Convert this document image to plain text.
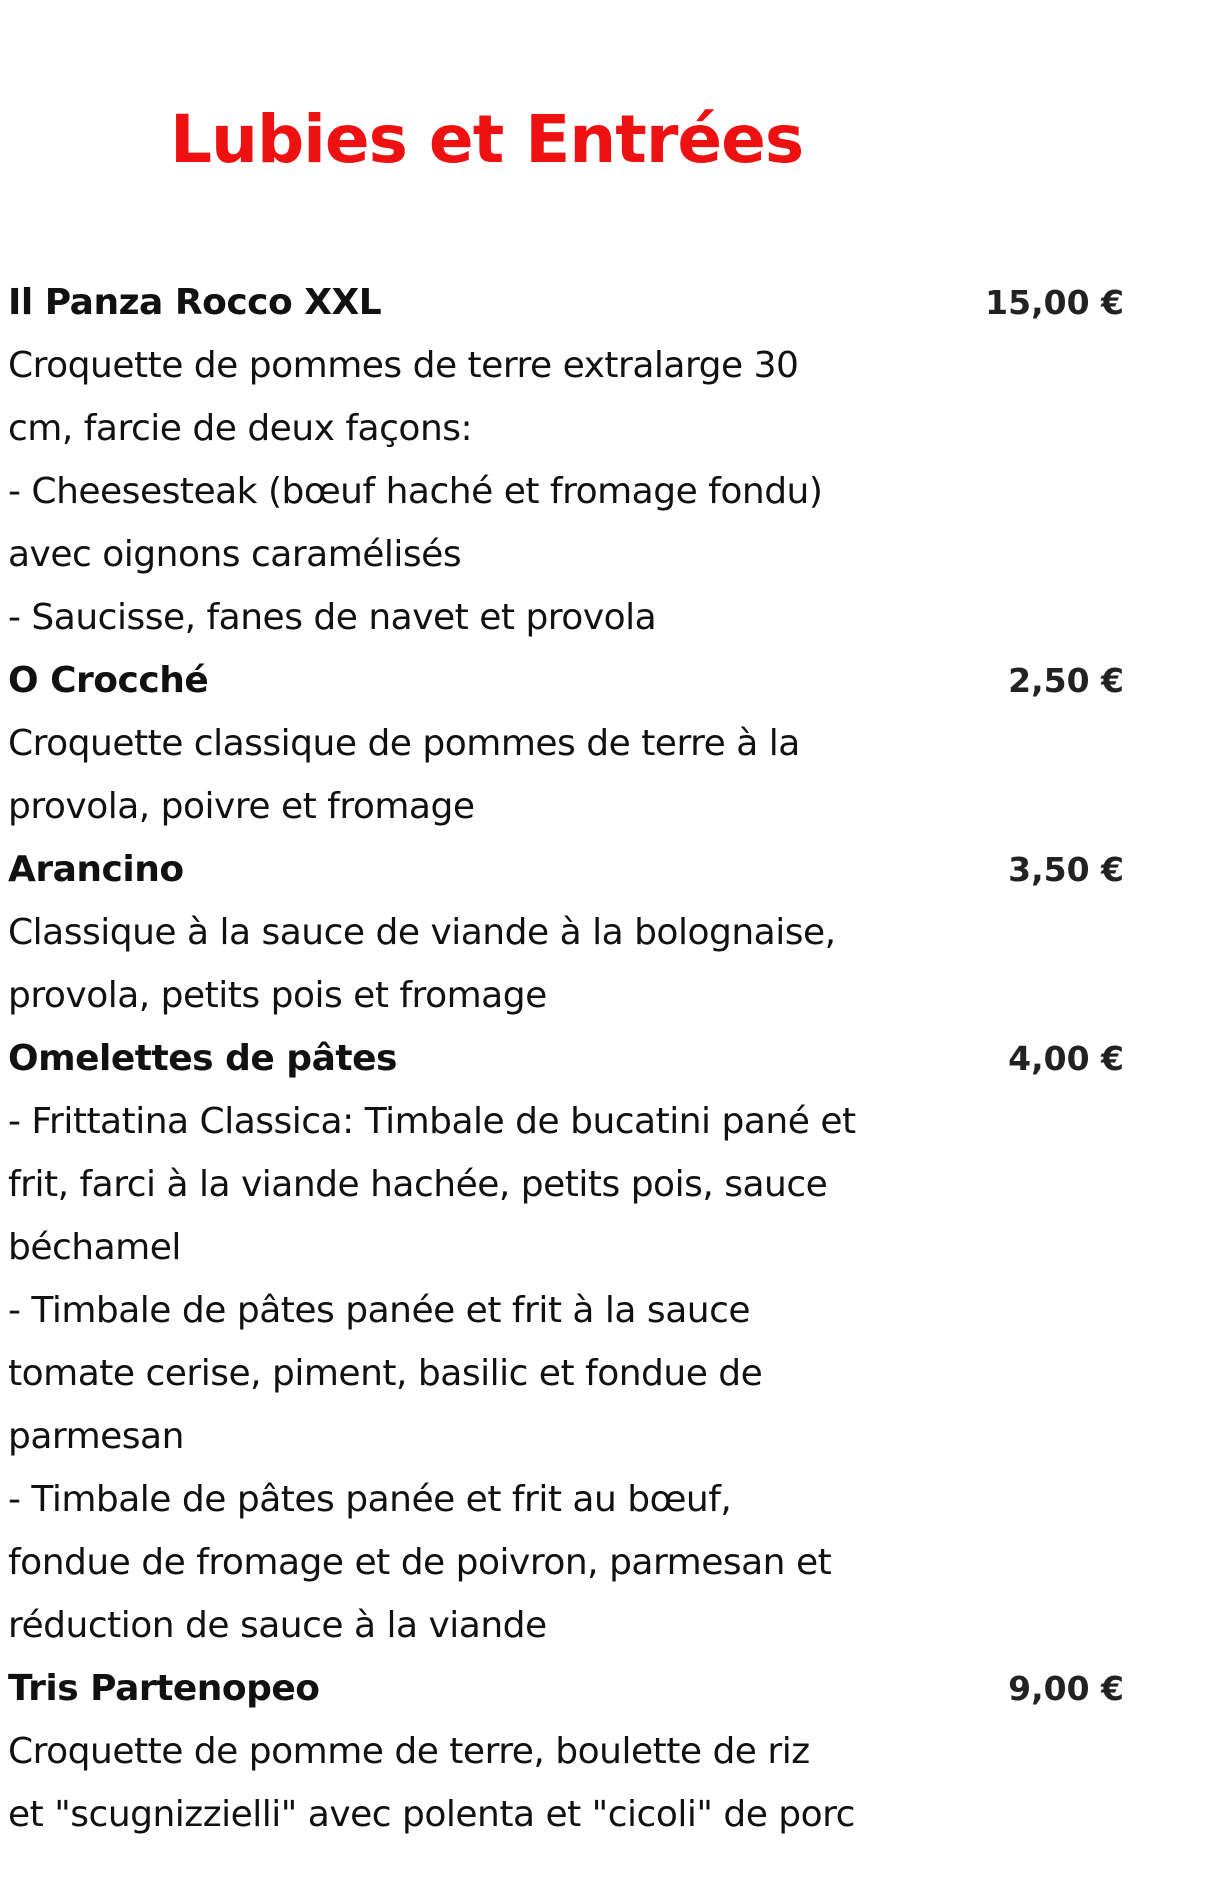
Lubies et Entrées
Il Panza Rocco XXL	15,00 €
Croquette de pommes de terre extralarge 30
cm, farcie de deux façons:
- Cheesesteak (bœuf haché et fromage fondu)
avec oignons caramélisés
- Saucisse, fanes de navet et provola
O Crocché	2,50 €
Croquette classique de pommes de terre à la
provola, poivre et fromage
Arancino	3,50 €
Classique à la sauce de viande à la bolognaise,
provola, petits pois et fromage
Omelettes de pâtes	4,00 €
- Frittatina Classica: Timbale de bucatini pané et
frit, farci à la viande hachée, petits pois, sauce
béchamel
- Timbale de pâtes panée et frit à la sauce
tomate cerise, piment, basilic et fondue de
parmesan
- Timbale de pâtes panée et frit au bœuf,
fondue de fromage et de poivron, parmesan et
réduction de sauce à la viande
Tris Partenopeo	9,00 €
Croquette de pomme de terre, boulette de riz
et "scugnizzielli" avec polenta et "cicoli" de porc
